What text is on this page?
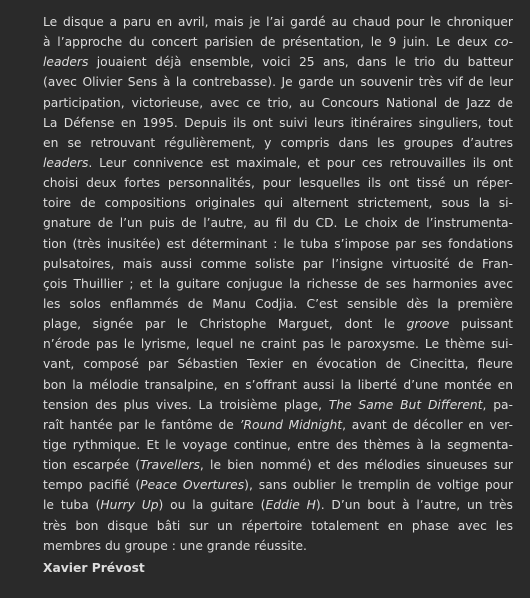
Le disque a paru en avril, mais je l’ai gardé au chaud pour le chroniquer
à l’approche du concert parisien de présentation, le 9 juin. Le deux co-
leaders jouaient déjà ensemble, voici 25 ans, dans le trio du batteur
(avec Olivier Sens à la contrebasse). Je garde un souvenir très vif de leur
participation, victorieuse, avec ce trio, au Concours National de Jazz de
La Défense en 1995. Depuis ils ont suivi leurs itinéraires singuliers, tout
en se retrouvant régulièrement, y compris dans les groupes d’autres
leaders. Leur connivence est maximale, et pour ces retrouvailles ils ont
choisi deux fortes personnalités, pour lesquelles ils ont tissé un réper-
toire de compositions originales qui alternent strictement, sous la si-
gnature de l’un puis de l’autre, au fil du CD. Le choix de l’instrumenta-
tion (très inusitée) est déterminant : le tuba s’impose par ses fondations
pulsatoires, mais aussi comme soliste par l’insigne virtuosité de Fran-
çois Thuillier ; et la guitare conjugue la richesse de ses harmonies avec
les solos enflammés de Manu Codjia. C’est sensible dès la première
plage, signée par le Christophe Marguet, dont le groove puissant
n’érode pas le lyrisme, lequel ne craint pas le paroxysme. Le thème sui-
vant, composé par Sébastien Texier en évocation de Cinecitta, fleure
bon la mélodie transalpine, en s’offrant aussi la liberté d’une montée en
tension des plus vives. La troisième plage, The Same But Different, pa-
raît hantée par le fantôme de ’Round Midnight, avant de décoller en ver-
tige rythmique. Et le voyage continue, entre des thèmes à la segmenta-
tion escarpée (Travellers, le bien nommé) et des mélodies sinueuses sur
tempo pacifié (Peace Overtures), sans oublier le tremplin de voltige pour
le tuba (Hurry Up) ou la guitare (Eddie H). D’un bout à l’autre, un très
très bon disque bâti sur un répertoire totalement en phase avec les
membres du groupe : une grande réussite.
Xavier Prévost
